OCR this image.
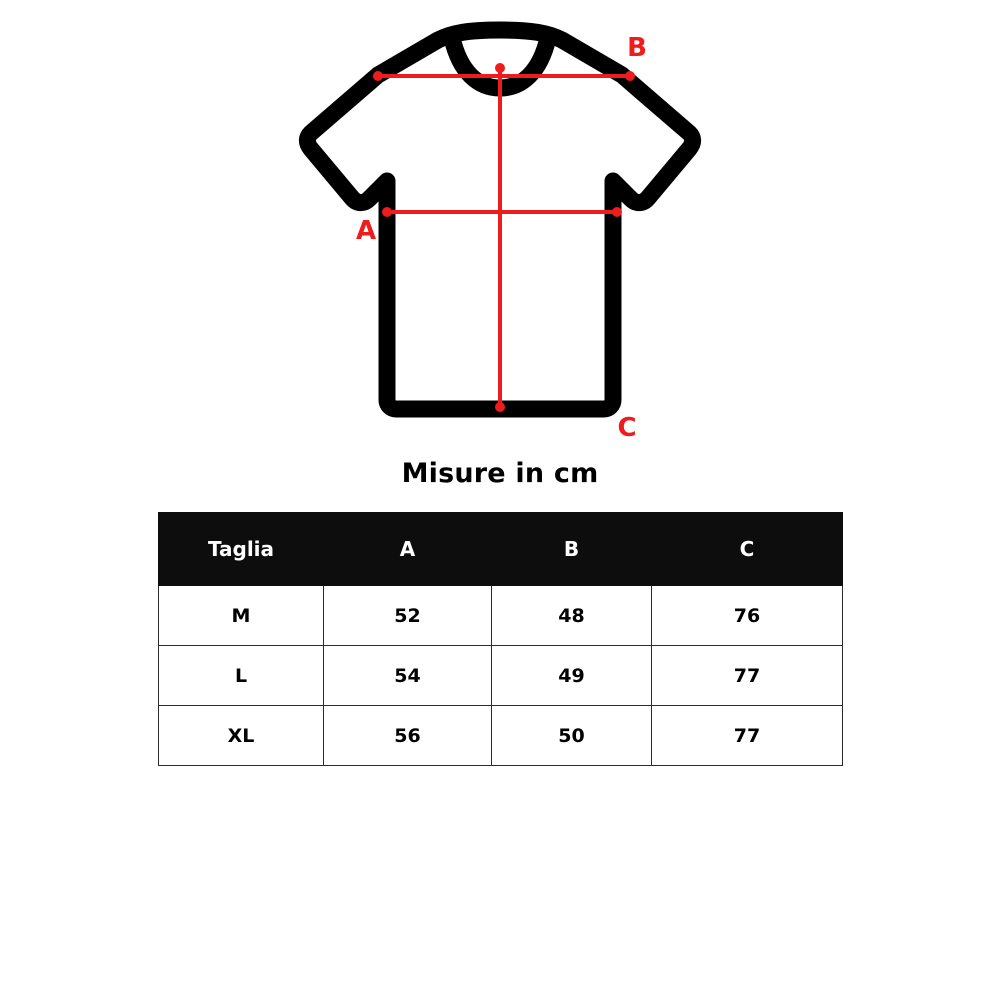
B
A
C
Misure in cm
Taglia	A	B	C
M	52	48	76
L	54	49	77
XL	56	50	77
